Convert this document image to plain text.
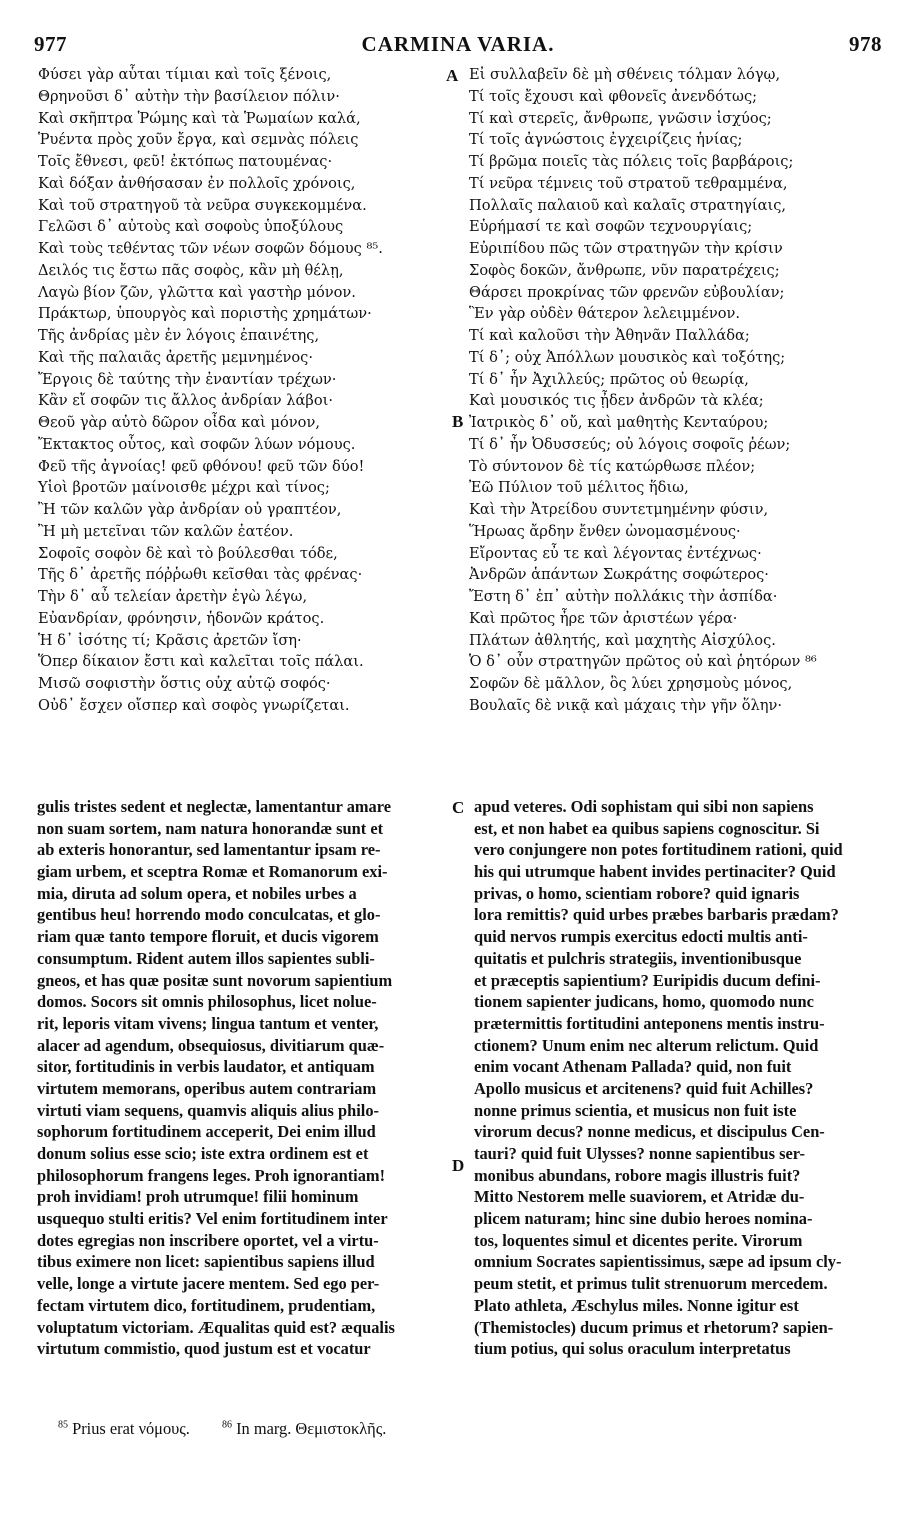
CARMINA VARIA.
977	978
Φύσει γὰρ αὗται τίμιαι καὶ τοῖς ξένοις,
Θρηνοῦσι δ᾽ αὐτὴν τὴν βασίλειον πόλιν·
Καὶ σκῆπτρα Ῥώμης καὶ τὰ Ῥωμαίων καλά,
Ῥυέντα πρὸς χοῦν ἔργα, καὶ σεμνὰς πόλεις
Τοῖς ἔθνεσι, φεῦ! ἐκτόπως πατουμένας·
Καὶ δόξαν ἀνθήσασαν ἐν πολλοῖς χρόνοις,
Καὶ τοῦ στρατηγοῦ τὰ νεῦρα συγκεκομμένα.
Γελῶσι δ᾽ αὐτοὺς καὶ σοφοὺς ὑποξύλους
Καὶ τοὺς τεθέντας τῶν νέων σοφῶν δόμους ⁸⁵.
Δειλός τις ἔστω πᾶς σοφὸς, κἂν μὴ θέλῃ,
Λαγὼ βίον ζῶν, γλῶττα καὶ γαστὴρ μόνον.
Πράκτωρ, ὑπουργὸς καὶ ποριστὴς χρημάτων·
Τῆς ἀνδρίας μὲν ἐν λόγοις ἐπαινέτης,
Καὶ τῆς παλαιᾶς ἀρετῆς μεμνημένος·
Ἔργοις δὲ ταύτης τὴν ἐναντίαν τρέχων·
Κἂν εἴ σοφῶν τις ἄλλος ἀνδρίαν λάβοι·
Θεοῦ γὰρ αὐτὸ δῶρον οἶδα καὶ μόνον,
Ἔκτακτος οὗτος, καὶ σοφῶν λύων νόμους.
Φεῦ τῆς ἀγνοίας! φεῦ φθόνου! φεῦ τῶν δύο!
Υἱοὶ βροτῶν μαίνοισθε μέχρι καὶ τίνος;
Ἢ τῶν καλῶν γὰρ ἀνδρίαν οὐ γραπτέον,
Ἢ μὴ μετεῖναι τῶν καλῶν ἐατέον.
Σοφοῖς σοφὸν δὲ καὶ τὸ βούλεσθαι τόδε,
Τῆς δ᾽ ἀρετῆς πόῤῥωθι κεῖσθαι τὰς φρένας·
Τὴν δ᾽ αὖ τελείαν ἀρετὴν ἐγὼ λέγω,
Εὐανδρίαν, φρόνησιν, ἡδονῶν κράτος.
Ἡ δ᾽ ἰσότης τί; Κρᾶσις ἀρετῶν ἴση·
Ὅπερ δίκαιον ἔστι καὶ καλεῖται τοῖς πάλαι.
Μισῶ σοφιστὴν ὅστις οὐχ αὑτῷ σοφός·
Οὐδ᾽ ἔσχεν οἴσπερ καὶ σοφὸς γνωρίζεται.
Εἰ συλλαβεῖν δὲ μὴ σθένεις τόλμαν λόγῳ,
Τί τοῖς ἔχουσι καὶ φθονεῖς ἀνενδότως;
Τί καὶ στερεῖς, ἄνθρωπε, γνῶσιν ἰσχύος;
Τί τοῖς ἀγνώστοις ἐγχειρίζεις ἡνίας;
Τί βρῶμα ποιεῖς τὰς πόλεις τοῖς βαρβάροις;
Τί νεῦρα τέμνεις τοῦ στρατοῦ τεθραμμένα,
Πολλαῖς παλαιοῦ καὶ καλαῖς στρατηγίαις,
Εὑρήμασί τε καὶ σοφῶν τεχνουργίαις;
Εὐριπίδου πῶς τῶν στρατηγῶν τὴν κρίσιν
Σοφὸς δοκῶν, ἄνθρωπε, νῦν παρατρέχεις;
Θάρσει προκρίνας τῶν φρενῶν εὐβουλίαν;
Ἓν γὰρ οὐδὲν θάτερον λελειμμένον.
Τί καὶ καλοῦσι τὴν Ἀθηνᾶν Παλλάδα;
Τί δ᾽; οὐχ Ἀπόλλων μουσικὸς καὶ τοξότης;
Τί δ᾽ ἦν Ἀχιλλεύς; πρῶτος οὐ θεωρίᾳ,
Καὶ μουσικός τις ᾖδεν ἀνδρῶν τὰ κλέα;
Ἰατρικὸς δ᾽ οὔ, καὶ μαθητὴς Κενταύρου;
Τί δ᾽ ἦν Ὀδυσσεύς; οὐ λόγοις σοφοῖς ῥέων;
Τὸ σύντονον δὲ τίς κατώρθωσε πλέον;
Ἐῶ Πύλιον τοῦ μέλιτος ἥδιω,
Καὶ τὴν Ἀτρείδου συντετμημένην φύσιν,
Ἥρωας ἄρδην ἔνθεν ὠνομασμένους·
Εἴροντας εὖ τε καὶ λέγοντας ἐντέχνως·
Ἀνδρῶν ἁπάντων Σωκράτης σοφώτερος·
Ἔστη δ᾽ ἐπ᾽ αὐτὴν πολλάκις τὴν ἀσπίδα·
Καὶ πρῶτος ἦρε τῶν ἀριστέων γέρα·
Πλάτων ἀθλητής, καὶ μαχητὴς Αἰσχύλος.
Ὁ δ᾽ οὖν στρατηγῶν πρῶτος οὐ καὶ ῥητόρων ⁸⁶
Σοφῶν δὲ μᾶλλον, ὃς λύει χρησμοὺς μόνος,
Βουλαῖς δὲ νικᾷ καὶ μάχαις τὴν γῆν ὅλην·
A
B
C
D
gulis tristes sedent et neglectæ, lamentantur amare
non suam sortem, nam natura honorandæ sunt et
ab exteris honorantur, sed lamentantur ipsam re-
giam urbem, et sceptra Romæ et Romanorum exi-
mia, diruta ad solum opera, et nobiles urbes a
gentibus heu! horrendo modo conculcatas, et glo-
riam quæ tanto tempore floruit, et ducis vigorem
consumptum. Rident autem illos sapientes subli-
gneos, et has quæ positæ sunt novorum sapientium
domos. Socors sit omnis philosophus, licet nolue-
rit, leporis vitam vivens; lingua tantum et venter,
alacer ad agendum, obsequiosus, divitiarum quæ-
sitor, fortitudinis in verbis laudator, et antiquam
virtutem memorans, operibus autem contrariam
virtuti viam sequens, quamvis aliquis alius philo-
sophorum fortitudinem acceperit, Dei enim illud
donum solius esse scio; iste extra ordinem est et
philosophorum frangens leges. Proh ignorantiam!
proh invidiam! proh utrumque! filii hominum
usquequo stulti eritis? Vel enim fortitudinem inter
dotes egregias non inscribere oportet, vel a virtu-
tibus eximere non licet: sapientibus sapiens illud
velle, longe a virtute jacere mentem. Sed ego per-
fectam virtutem dico, fortitudinem, prudentiam,
voluptatum victoriam. Æqualitas quid est? æqualis
virtutum commistio, quod justum est et vocatur
apud veteres. Odi sophistam qui sibi non sapiens
est, et non habet ea quibus sapiens cognoscitur. Si
vero conjungere non potes fortitudinem rationi, quid
his qui utrumque habent invides pertinaciter? Quid
privas, o homo, scientiam robore? quid ignaris
lora remittis? quid urbes præbes barbaris prædam?
quid nervos rumpis exercitus edocti multis anti-
quitatis et pulchris strategiis, inventionibusque
et præceptis sapientium? Euripidis ducum defini-
tionem sapienter judicans, homo, quomodo nunc
prætermittis fortitudini anteponens mentis instru-
ctionem? Unum enim nec alterum relictum. Quid
enim vocant Athenam Pallada? quid, non fuit
Apollo musicus et arcitenens? quid fuit Achilles?
nonne primus scientia, et musicus non fuit iste
virorum decus? nonne medicus, et discipulus Cen-
tauri? quid fuit Ulysses? nonne sapientibus ser-
monibus abundans, robore magis illustris fuit?
Mitto Nestorem melle suaviorem, et Atridæ du-
plicem naturam; hinc sine dubio heroes nomina-
tos, loquentes simul et dicentes perite. Virorum
omnium Socrates sapientissimus, sæpe ad ipsum cly-
peum stetit, et primus tulit strenuorum mercedem.
Plato athleta, Æschylus miles. Nonne igitur est
(Themistocles) ducum primus et rhetorum? sapien-
tium potius, qui solus oraculum interpretatus
$^{85}$ Prius erat νόμους.	$^{86}$ In marg. Θεμιστοκλῆς.
